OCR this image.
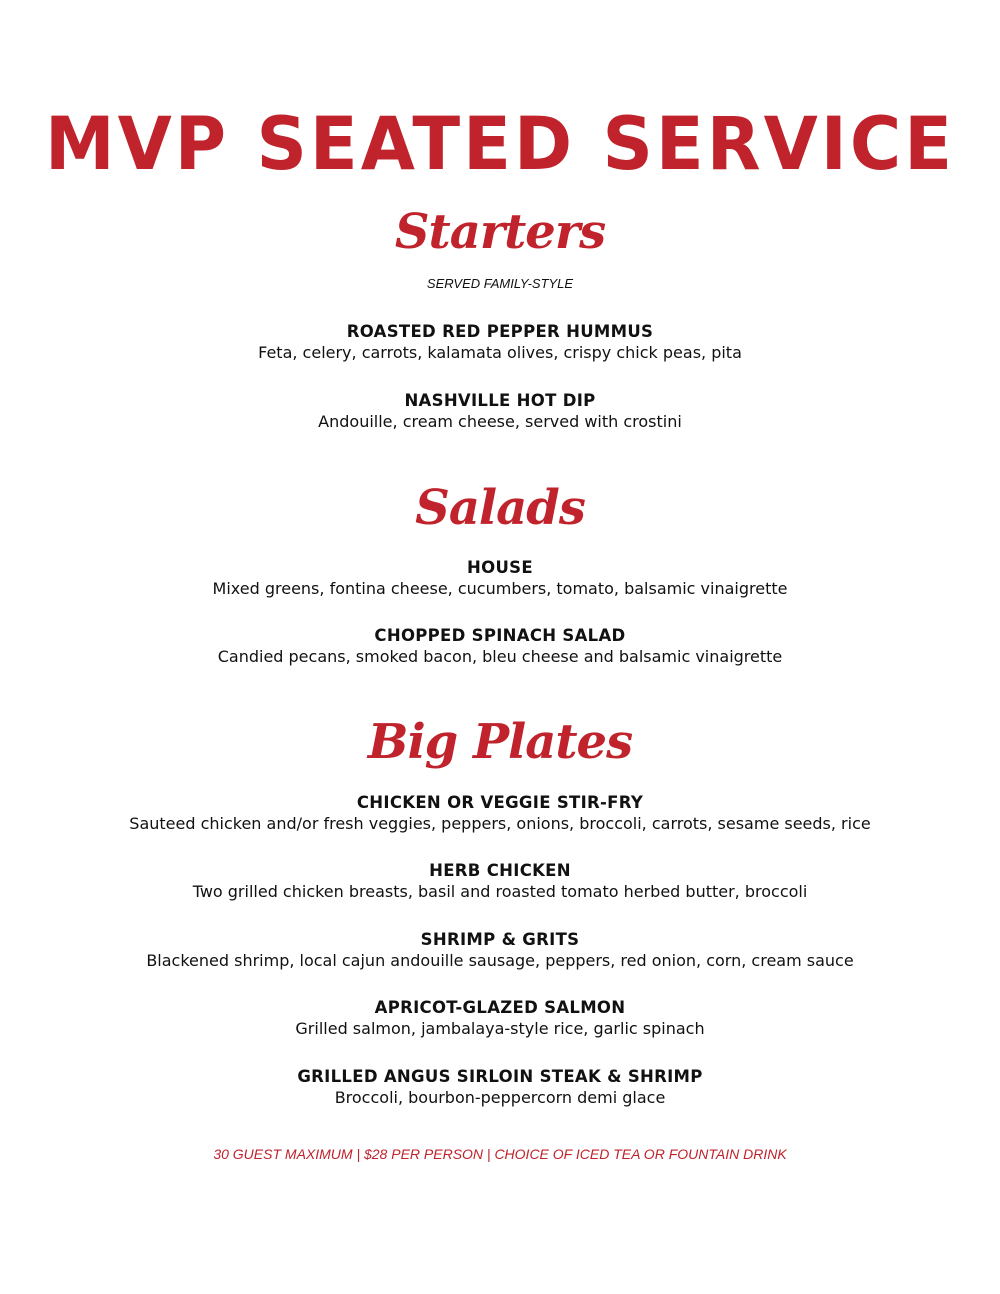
MVP SEATED SERVICE
Starters
SERVED FAMILY-STYLE
ROASTED RED PEPPER HUMMUS
Feta, celery, carrots, kalamata olives, crispy chick peas, pita
NASHVILLE HOT DIP
Andouille, cream cheese, served with crostini
Salads
HOUSE
Mixed greens, fontina cheese, cucumbers, tomato, balsamic vinaigrette
CHOPPED SPINACH SALAD
Candied pecans, smoked bacon, bleu cheese and balsamic vinaigrette
Big Plates
CHICKEN OR VEGGIE STIR-FRY
Sauteed chicken and/or fresh veggies, peppers, onions, broccoli, carrots, sesame seeds, rice
HERB CHICKEN
Two grilled chicken breasts, basil and roasted tomato herbed butter, broccoli
SHRIMP & GRITS
Blackened shrimp, local cajun andouille sausage, peppers, red onion, corn, cream sauce
APRICOT-GLAZED SALMON
Grilled salmon, jambalaya-style rice, garlic spinach
GRILLED ANGUS SIRLOIN STEAK & SHRIMP
Broccoli, bourbon-peppercorn demi glace
30 GUEST MAXIMUM | $28 PER PERSON | CHOICE OF ICED TEA OR FOUNTAIN DRINK
